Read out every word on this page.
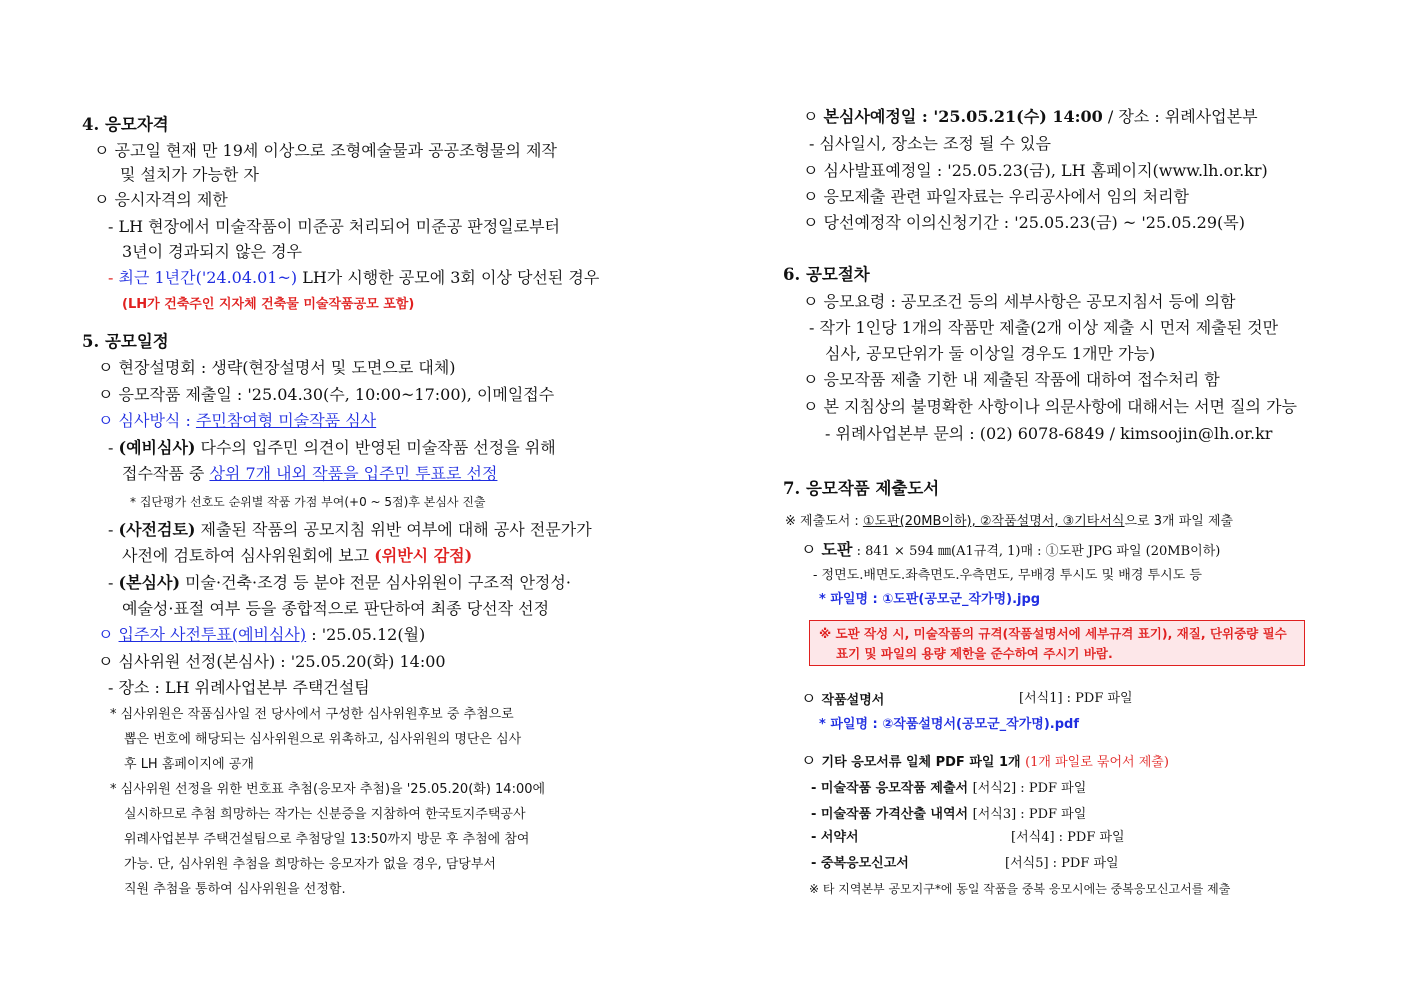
4. 응모자격
ㅇ 공고일 현재 만 19세 이상으로 조형예술물과 공공조형물의 제작
및 설치가 가능한 자
ㅇ 응시자격의 제한
- LH 현장에서 미술작품이 미준공 처리되어 미준공 판정일로부터
3년이 경과되지 않은 경우
- 최근 1년간('24.04.01~) LH가 시행한 공모에 3회 이상 당선된 경우
(LH가 건축주인 지자체 건축물 미술작품공모 포함)
5. 공모일정
ㅇ 현장설명회 : 생략(현장설명서 및 도면으로 대체)
ㅇ 응모작품 제출일 : '25.04.30(수, 10:00~17:00), 이메일접수
ㅇ 심사방식 : 주민참여형 미술작품 심사
- (예비심사) 다수의 입주민 의견이 반영된 미술작품 선정을 위해
접수작품 중 상위 7개 내외 작품을 입주민 투표로 선정
* 집단평가 선호도 순위별 작품 가점 부여(+0 ~ 5점)후 본심사 진출
- (사전검토) 제출된 작품의 공모지침 위반 여부에 대해 공사 전문가가
사전에 검토하여 심사위원회에 보고 (위반시 감점)
- (본심사) 미술·건축·조경 등 분야 전문 심사위원이 구조적 안정성·
예술성·표절 여부 등을 종합적으로 판단하여 최종 당선작 선정
ㅇ 입주자 사전투표(예비심사) : '25.05.12(월)
ㅇ 심사위원 선정(본심사) : '25.05.20(화) 14:00
- 장소 : LH 위례사업본부 주택건설팀
* 심사위원은 작품심사일 전 당사에서 구성한 심사위원후보 중 추첨으로
뽑은 번호에 해당되는 심사위원으로 위촉하고, 심사위원의 명단은 심사
후 LH 홈페이지에 공개
* 심사위원 선정을 위한 번호표 추첨(응모자 추첨)을 '25.05.20(화) 14:00에
실시하므로 추첨 희망하는 작가는 신분증을 지참하여 한국토지주택공사
위례사업본부 주택건설팀으로 추첨당일 13:50까지 방문 후 추첨에 참여
가능. 단, 심사위원 추첨을 희망하는 응모자가 없을 경우, 담당부서
직원 추첨을 통하여 심사위원을 선정함.
※ 도판 작성 시, 미술작품의 규격(작품설명서에 세부규격 표기), 재질, 단위중량 필수
표기 및 파일의 용량 제한을 준수하여 주시기 바람.
ㅇ 본심사예정일 : '25.05.21(수) 14:00 / 장소 : 위례사업본부
- 심사일시, 장소는 조정 될 수 있음
ㅇ 심사발표예정일 : '25.05.23(금), LH 홈페이지(www.lh.or.kr)
ㅇ 응모제출 관련 파일자료는 우리공사에서 임의 처리함
ㅇ 당선예정작 이의신청기간 : '25.05.23(금) ~ '25.05.29(목)
6. 공모절차
ㅇ 응모요령 : 공모조건 등의 세부사항은 공모지침서 등에 의함
- 작가 1인당 1개의 작품만 제출(2개 이상 제출 시 먼저 제출된 것만
심사, 공모단위가 둘 이상일 경우도 1개만 가능)
ㅇ 응모작품 제출 기한 내 제출된 작품에 대하여 접수처리 함
ㅇ 본 지침상의 불명확한 사항이나 의문사항에 대해서는 서면 질의 가능
- 위례사업본부 문의 : (02) 6078-6849 / kimsoojin@lh.or.kr
7. 응모작품 제출도서
※ 제출도서 : ①도판(20MB이하), ②작품설명서, ③기타서식으로 3개 파일 제출
ㅇ 도판 : 841 × 594 ㎜(A1규격, 1)매 : ①도판 JPG 파일 (20MB이하)
- 정면도.배면도.좌측면도.우측면도, 무배경 투시도 및 배경 투시도 등
* 파일명 : ①도판(공모군_작가명).jpg
ㅇ 작품설명서	[서식1] : PDF 파일
* 파일명 : ②작품설명서(공모군_작가명).pdf
ㅇ 기타 응모서류 일체 PDF 파일 1개 (1개 파일로 묶어서 제출)
- 미술작품 응모작품 제출서 [서식2] : PDF 파일
- 미술작품 가격산출 내역서 [서식3] : PDF 파일
- 서약서	[서식4] : PDF 파일
- 중복응모신고서	[서식5] : PDF 파일
※ 타 지역본부 공모지구*에 동일 작품을 중복 응모시에는 중복응모신고서를 제출
